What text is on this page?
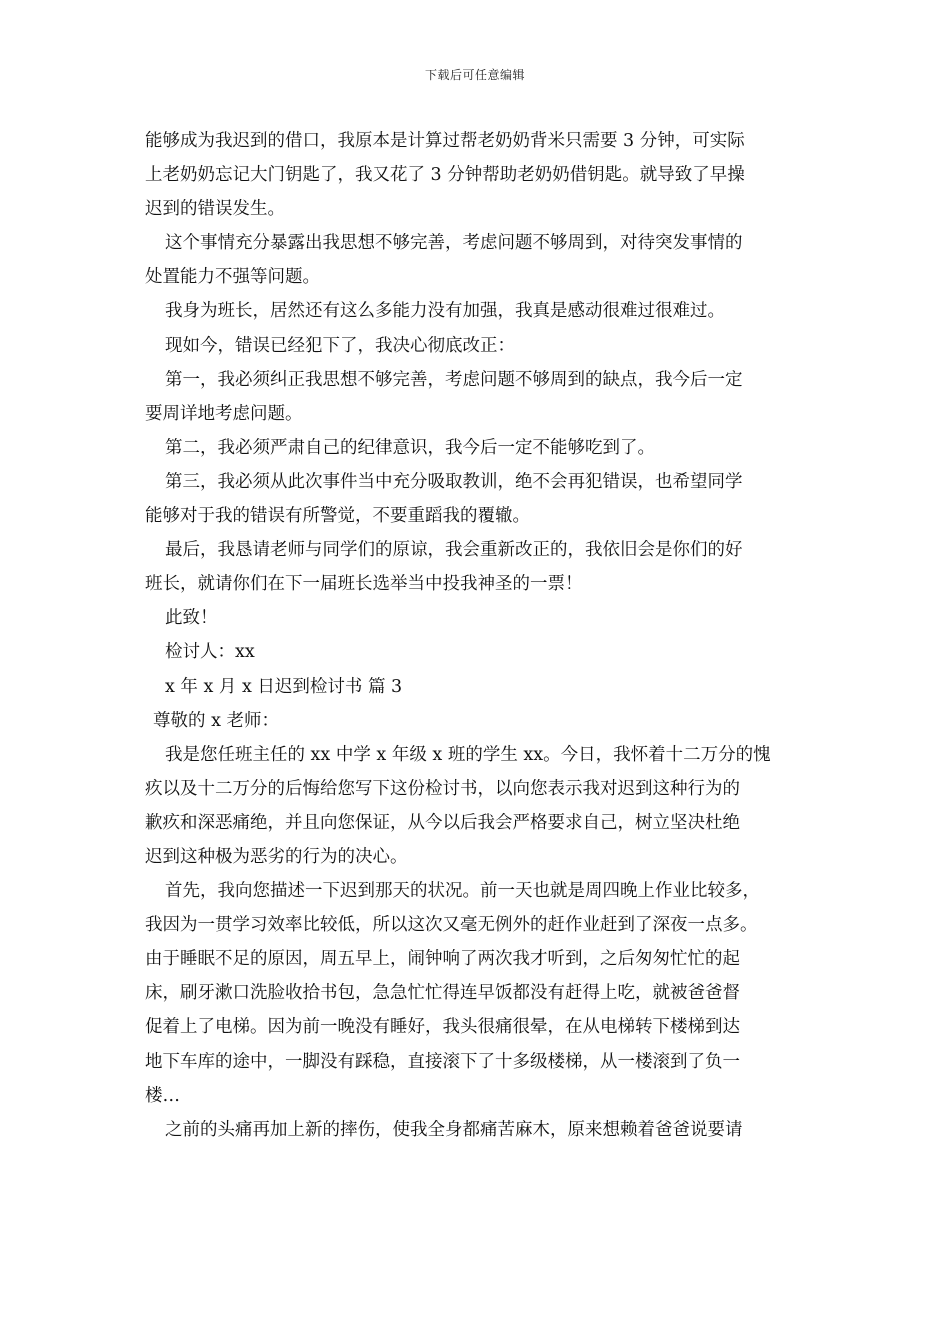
下载后可任意编辑
能够成为我迟到的借口，我原本是计算过帮老奶奶背米只需要 3 分钟，可实际
上老奶奶忘记大门钥匙了，我又花了 3 分钟帮助老奶奶借钥匙。就导致了早操
迟到的错误发生。
这个事情充分暴露出我思想不够完善，考虑问题不够周到，对待突发事情的
处置能力不强等问题。
我身为班长，居然还有这么多能力没有加强，我真是感动很难过很难过。
现如今，错误已经犯下了，我决心彻底改正：
第一，我必须纠正我思想不够完善，考虑问题不够周到的缺点，我今后一定
要周详地考虑问题。
第二，我必须严肃自己的纪律意识，我今后一定不能够吃到了。
第三，我必须从此次事件当中充分吸取教训，绝不会再犯错误，也希望同学
能够对于我的错误有所警觉，不要重蹈我的覆辙。
最后，我恳请老师与同学们的原谅，我会重新改正的，我依旧会是你们的好
班长，就请你们在下一届班长选举当中投我神圣的一票！
此致！
检讨人：xx
x 年 x 月 x 日迟到检讨书 篇 3
尊敬的 x 老师：
我是您任班主任的 xx 中学 x 年级 x 班的学生 xx。今日，我怀着十二万分的愧
疚以及十二万分的后悔给您写下这份检讨书，以向您表示我对迟到这种行为的
歉疚和深恶痛绝，并且向您保证，从今以后我会严格要求自己，树立坚决杜绝
迟到这种极为恶劣的行为的决心。
首先，我向您描述一下迟到那天的状况。前一天也就是周四晚上作业比较多，
我因为一贯学习效率比较低，所以这次又毫无例外的赶作业赶到了深夜一点多。
由于睡眠不足的原因，周五早上，闹钟响了两次我才听到，之后匆匆忙忙的起
床，刷牙漱口洗脸收拾书包，急急忙忙得连早饭都没有赶得上吃，就被爸爸督
促着上了电梯。因为前一晚没有睡好，我头很痛很晕，在从电梯转下楼梯到达
地下车库的途中，一脚没有踩稳，直接滚下了十多级楼梯，从一楼滚到了负一
楼…
之前的头痛再加上新的摔伤，使我全身都痛苦麻木，原来想赖着爸爸说要请
